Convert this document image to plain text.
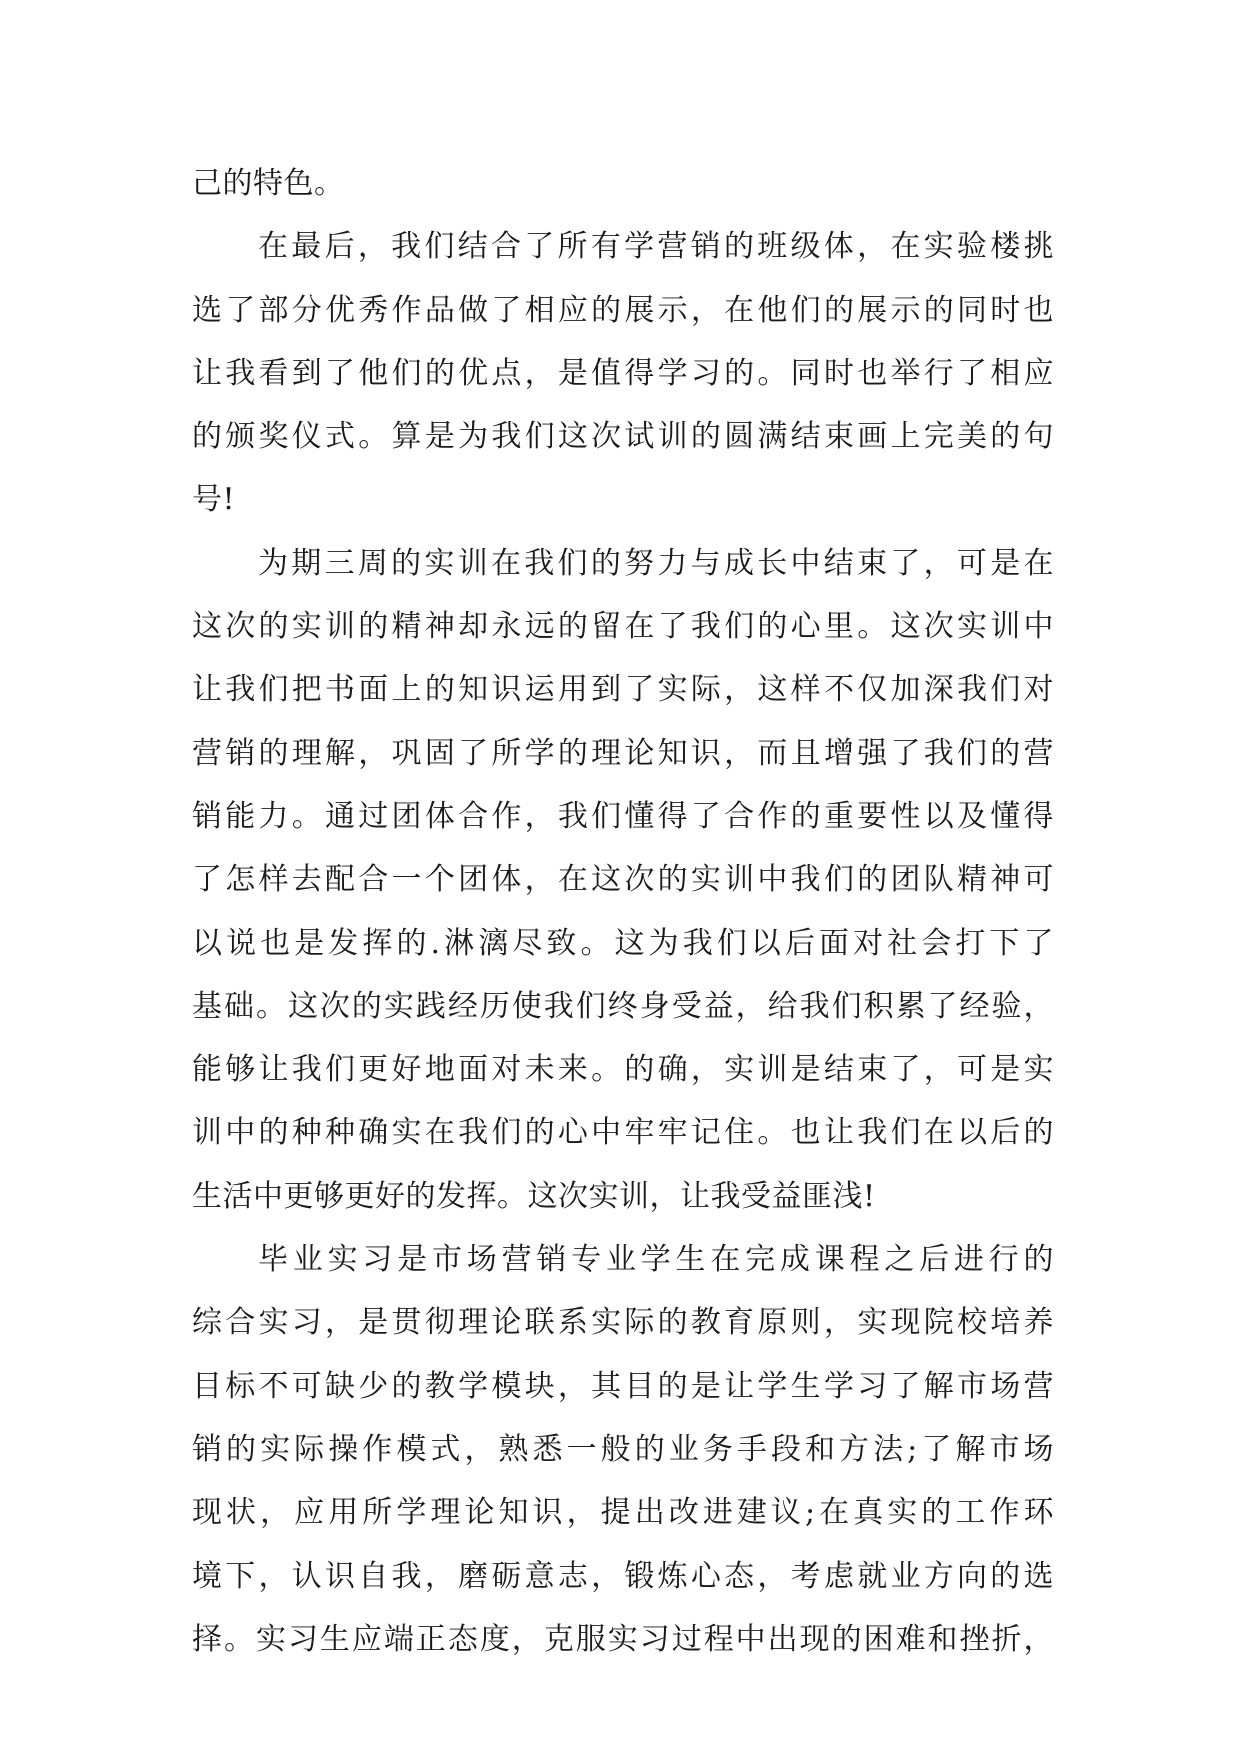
己的特色。
在最后，我们结合了所有学营销的班级体，在实验楼挑
选了部分优秀作品做了相应的展示，在他们的展示的同时也
让我看到了他们的优点，是值得学习的。同时也举行了相应
的颁奖仪式。算是为我们这次试训的圆满结束画上完美的句
号!
为期三周的实训在我们的努力与成长中结束了，可是在
这次的实训的精神却永远的留在了我们的心里。这次实训中
让我们把书面上的知识运用到了实际，这样不仅加深我们对
营销的理解，巩固了所学的理论知识，而且增强了我们的营
销能力。通过团体合作，我们懂得了合作的重要性以及懂得
了怎样去配合一个团体，在这次的实训中我们的团队精神可
以说也是发挥的.淋漓尽致。这为我们以后面对社会打下了
基础。这次的实践经历使我们终身受益，给我们积累了经验，
能够让我们更好地面对未来。的确，实训是结束了，可是实
训中的种种确实在我们的心中牢牢记住。也让我们在以后的
生活中更够更好的发挥。这次实训，让我受益匪浅!
毕业实习是市场营销专业学生在完成课程之后进行的
综合实习，是贯彻理论联系实际的教育原则，实现院校培养
目标不可缺少的教学模块，其目的是让学生学习了解市场营
销的实际操作模式，熟悉一般的业务手段和方法;了解市场
现状，应用所学理论知识，提出改进建议;在真实的工作环
境下，认识自我，磨砺意志，锻炼心态，考虑就业方向的选
择。实习生应端正态度，克服实习过程中出现的困难和挫折，
